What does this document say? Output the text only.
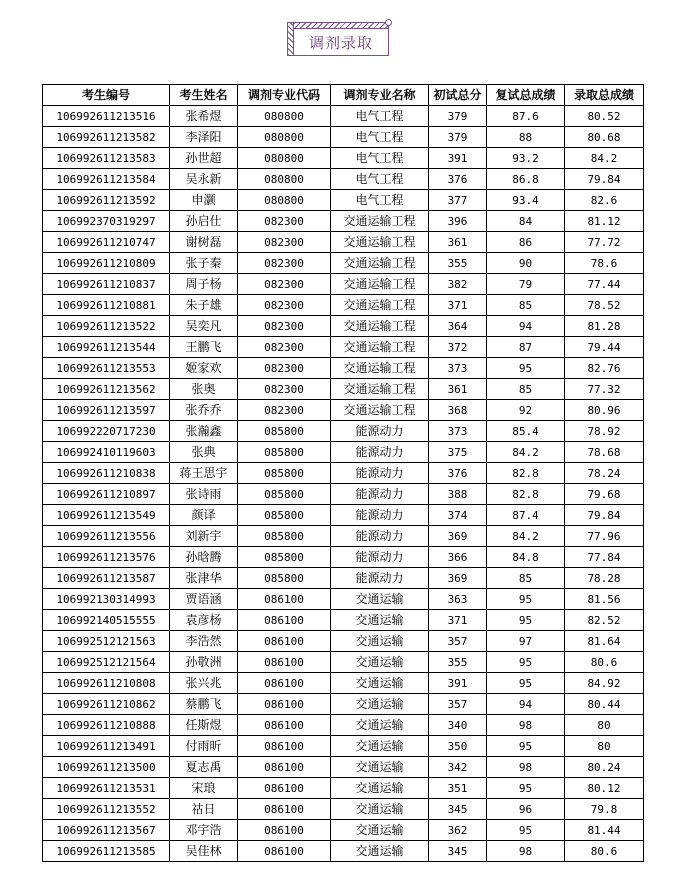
调剂录取
考生编号	考生姓名	调剂专业代码	调剂专业名称	初试总分	复试总成绩	录取总成绩
106992611213516	张希煜	080800	电气工程	379	87.6	80.52
106992611213582	李泽阳	080800	电气工程	379	88	80.68
106992611213583	孙世超	080800	电气工程	391	93.2	84.2
106992611213584	吴永新	080800	电气工程	376	86.8	79.84
106992611213592	申灏	080800	电气工程	377	93.4	82.6
106992370319297	孙启仕	082300	交通运输工程	396	84	81.12
106992611210747	谢树磊	082300	交通运输工程	361	86	77.72
106992611210809	张子秦	082300	交通运输工程	355	90	78.6
106992611210837	周子杨	082300	交通运输工程	382	79	77.44
106992611210881	朱子雄	082300	交通运输工程	371	85	78.52
106992611213522	吴奕凡	082300	交通运输工程	364	94	81.28
106992611213544	王鹏飞	082300	交通运输工程	372	87	79.44
106992611213553	姬家欢	082300	交通运输工程	373	95	82.76
106992611213562	张奥	082300	交通运输工程	361	85	77.32
106992611213597	张乔乔	082300	交通运输工程	368	92	80.96
106992220717230	张瀚鑫	085800	能源动力	373	85.4	78.92
106992410119603	张典	085800	能源动力	375	84.2	78.68
106992611210838	蒋王思宇	085800	能源动力	376	82.8	78.24
106992611210897	张诗雨	085800	能源动力	388	82.8	79.68
106992611213549	颜译	085800	能源动力	374	87.4	79.84
106992611213556	刘新宇	085800	能源动力	369	84.2	77.96
106992611213576	孙晗腾	085800	能源动力	366	84.8	77.84
106992611213587	张津华	085800	能源动力	369	85	78.28
106992130314993	贾语涵	086100	交通运输	363	95	81.56
106992140515555	袁彦杨	086100	交通运输	371	95	82.52
106992512121563	李浩然	086100	交通运输	357	97	81.64
106992512121564	孙敬洲	086100	交通运输	355	95	80.6
106992611210808	张兴兆	086100	交通运输	391	95	84.92
106992611210862	蔡鹏飞	086100	交通运输	357	94	80.44
106992611210888	任斯煜	086100	交通运输	340	98	80
106992611213491	付雨昕	086100	交通运输	350	95	80
106992611213500	夏志禹	086100	交通运输	342	98	80.24
106992611213531	宋琅	086100	交通运输	351	95	80.12
106992611213552	祜日	086100	交通运输	345	96	79.8
106992611213567	邓宇浩	086100	交通运输	362	95	81.44
106992611213585	吴佳林	086100	交通运输	345	98	80.6
